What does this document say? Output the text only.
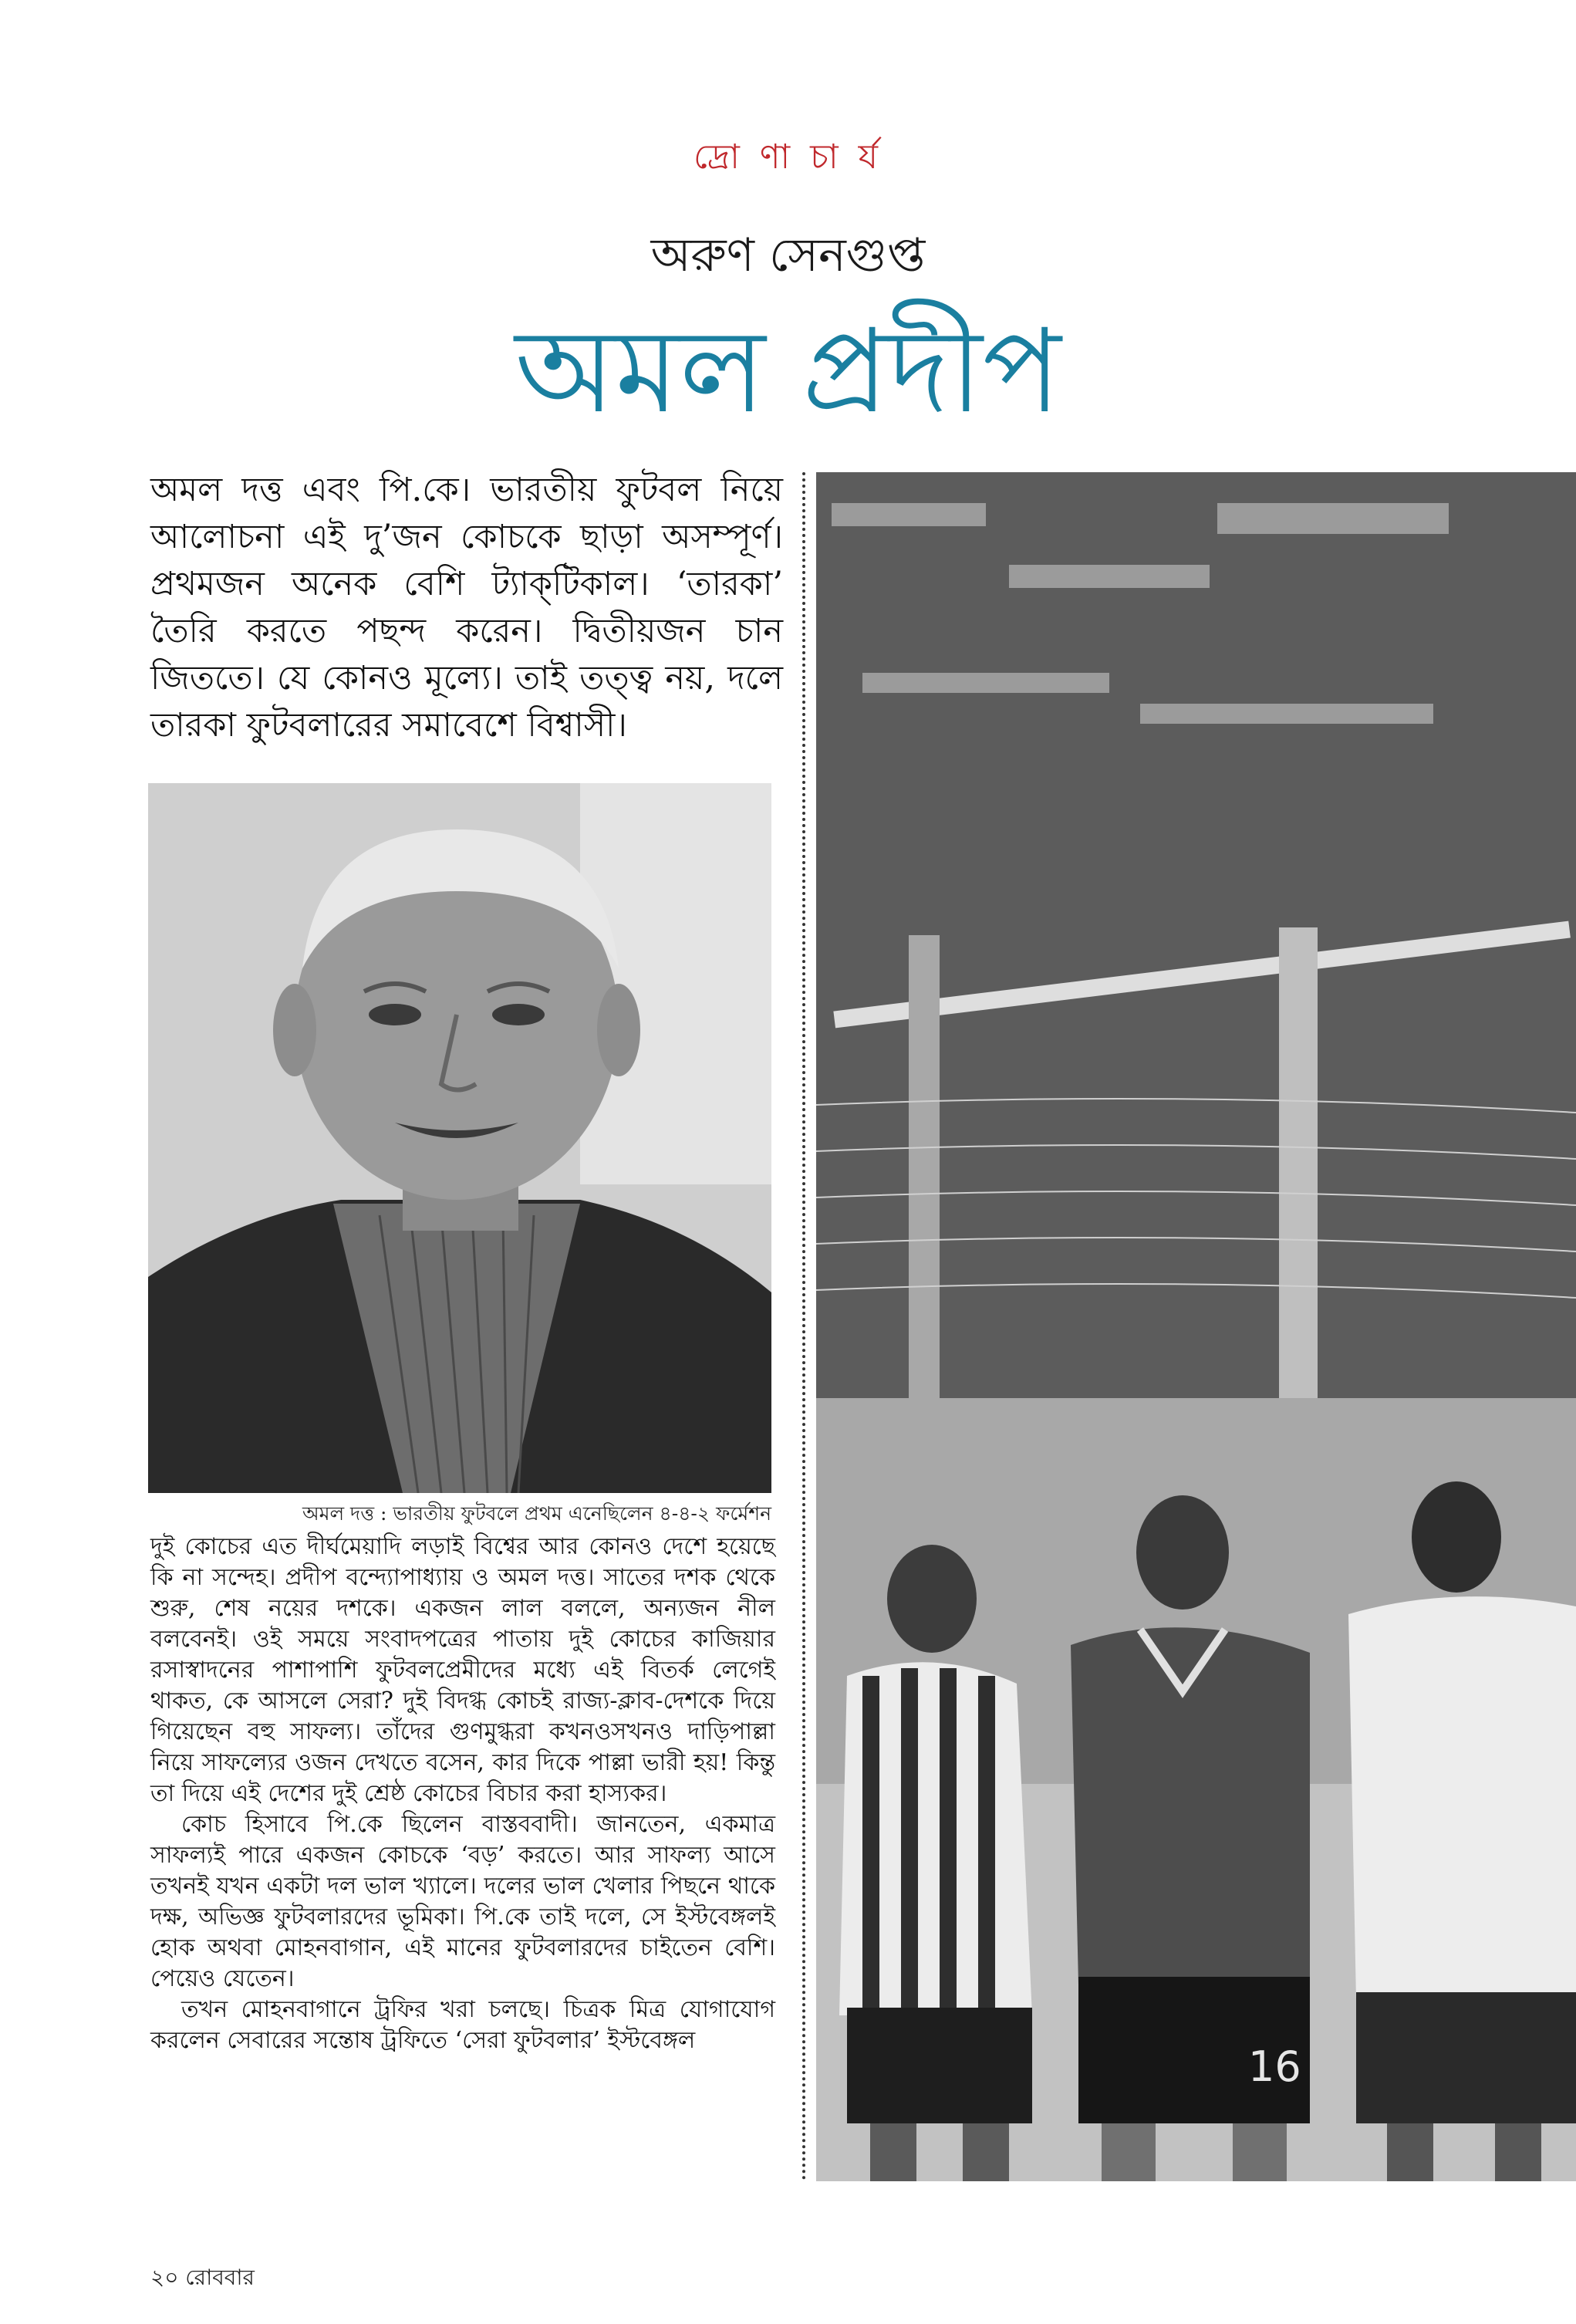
দ্রো ণা চা র্য
অরুণ সেনগুপ্ত
অমল প্রদীপ
অমল দত্ত এবং পি.কে। ভারতীয় ফুটবল নিয়ে আলোচনা এই দু’জন কোচকে ছাড়া অসম্পূর্ণ। প্রথমজন অনেক বেশি ট্যাক্‌টিকাল। ‘তারকা’ তৈরি করতে পছন্দ করেন। দ্বিতীয়জন চান জিততে। যে কোনও মূল্যে। তাই তত্ত্ব নয়, দলে তারকা ফুটবলারের সমাবেশে বিশ্বাসী।
অমল দত্ত : ভারতীয় ফুটবলে প্রথম এনেছিলেন ৪-৪-২ ফর্মেশন

দুই কোচের এত দীর্ঘমেয়াদি লড়াই বিশ্বের আর কোনও দেশে হয়েছে কি না সন্দেহ। প্রদীপ বন্দ্যোপাধ্যায় ও অমল দত্ত। সাতের দশক থেকে শুরু, শেষ নয়ের দশকে। একজন লাল বললে, অন্যজন নীল বলবেনই। ওই সময়ে সংবাদপত্রের পাতায় দুই কোচের কাজিয়ার রসাস্বাদনের পাশাপাশি ফুটবলপ্রেমীদের মধ্যে এই বিতর্ক লেগেই থাকত, কে আসলে সেরা? দুই বিদগ্ধ কোচই রাজ্য-ক্লাব-দেশকে দিয়ে গিয়েছেন বহু সাফল্য। তাঁদের গুণমুগ্ধরা কখনওসখনও দাড়িপাল্লা নিয়ে সাফল্যের ওজন দেখতে বসেন, কার দিকে পাল্লা ভারী হয়! কিন্তু তা দিয়ে এই দেশের দুই শ্রেষ্ঠ কোচের বিচার করা হাস্যকর।

কোচ হিসাবে পি.কে ছিলেন বাস্তববাদী। জানতেন, একমাত্র সাফল্যই পারে একজন কোচকে ‘বড়’ করতে। আর সাফল্য আসে তখনই যখন একটা দল ভাল খ্যালে। দলের ভাল খেলার পিছনে থাকে দক্ষ, অভিজ্ঞ ফুটবলারদের ভূমিকা। পি.কে তাই দলে, সে ইস্টবেঙ্গলই হোক অথবা মোহনবাগান, এই মানের ফুটবলারদের চাইতেন বেশি। পেয়েও যেতেন।

তখন মোহনবাগানে ট্রফির খরা চলছে। চিত্রক মিত্র যোগাযোগ করলেন সেবারের সন্তোষ ট্রফিতে ‘সেরা ফুটবলার’ ইস্টবেঙ্গল

16
২০ রোববার
